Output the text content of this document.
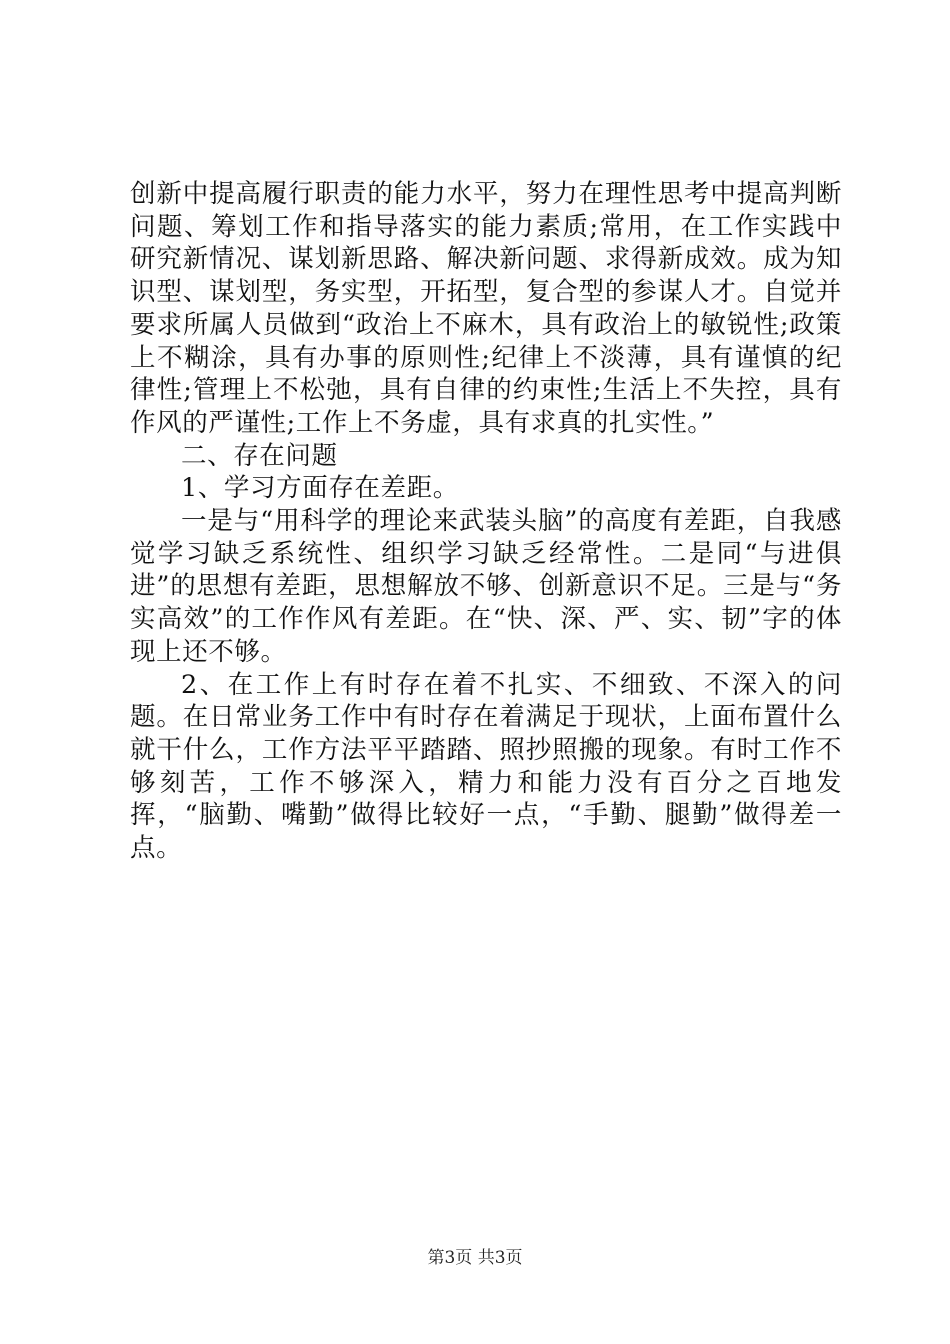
创新中提高履行职责的能力水平，努力在理性思考中提高判断问题、筹划工作和指导落实的能力素质;常用，在工作实践中研究新情况、谋划新思路、解决新问题、求得新成效。成为知识型、谋划型，务实型，开拓型，复合型的参谋人才。自觉并要求所属人员做到“政治上不麻木，具有政治上的敏锐性;政策上不糊涂，具有办事的原则性;纪律上不淡薄，具有谨慎的纪律性;管理上不松弛，具有自律的约束性;生活上不失控，具有作风的严谨性;工作上不务虚，具有求真的扎实性。”

二、存在问题

1、学习方面存在差距。

一是与“用科学的理论来武装头脑”的高度有差距，自我感觉学习缺乏系统性、组织学习缺乏经常性。二是同“与进俱进”的思想有差距，思想解放不够、创新意识不足。三是与“务实高效”的工作作风有差距。在“快、深、严、实、韧”字的体现上还不够。

2、在工作上有时存在着不扎实、不细致、不深入的问题。在日常业务工作中有时存在着满足于现状，上面布置什么就干什么，工作方法平平踏踏、照抄照搬的现象。有时工作不够刻苦，工作不够深入，精力和能力没有百分之百地发挥，“脑勤、嘴勤”做得比较好一点，“手勤、腿勤”做得差一点。

第3页 共3页
